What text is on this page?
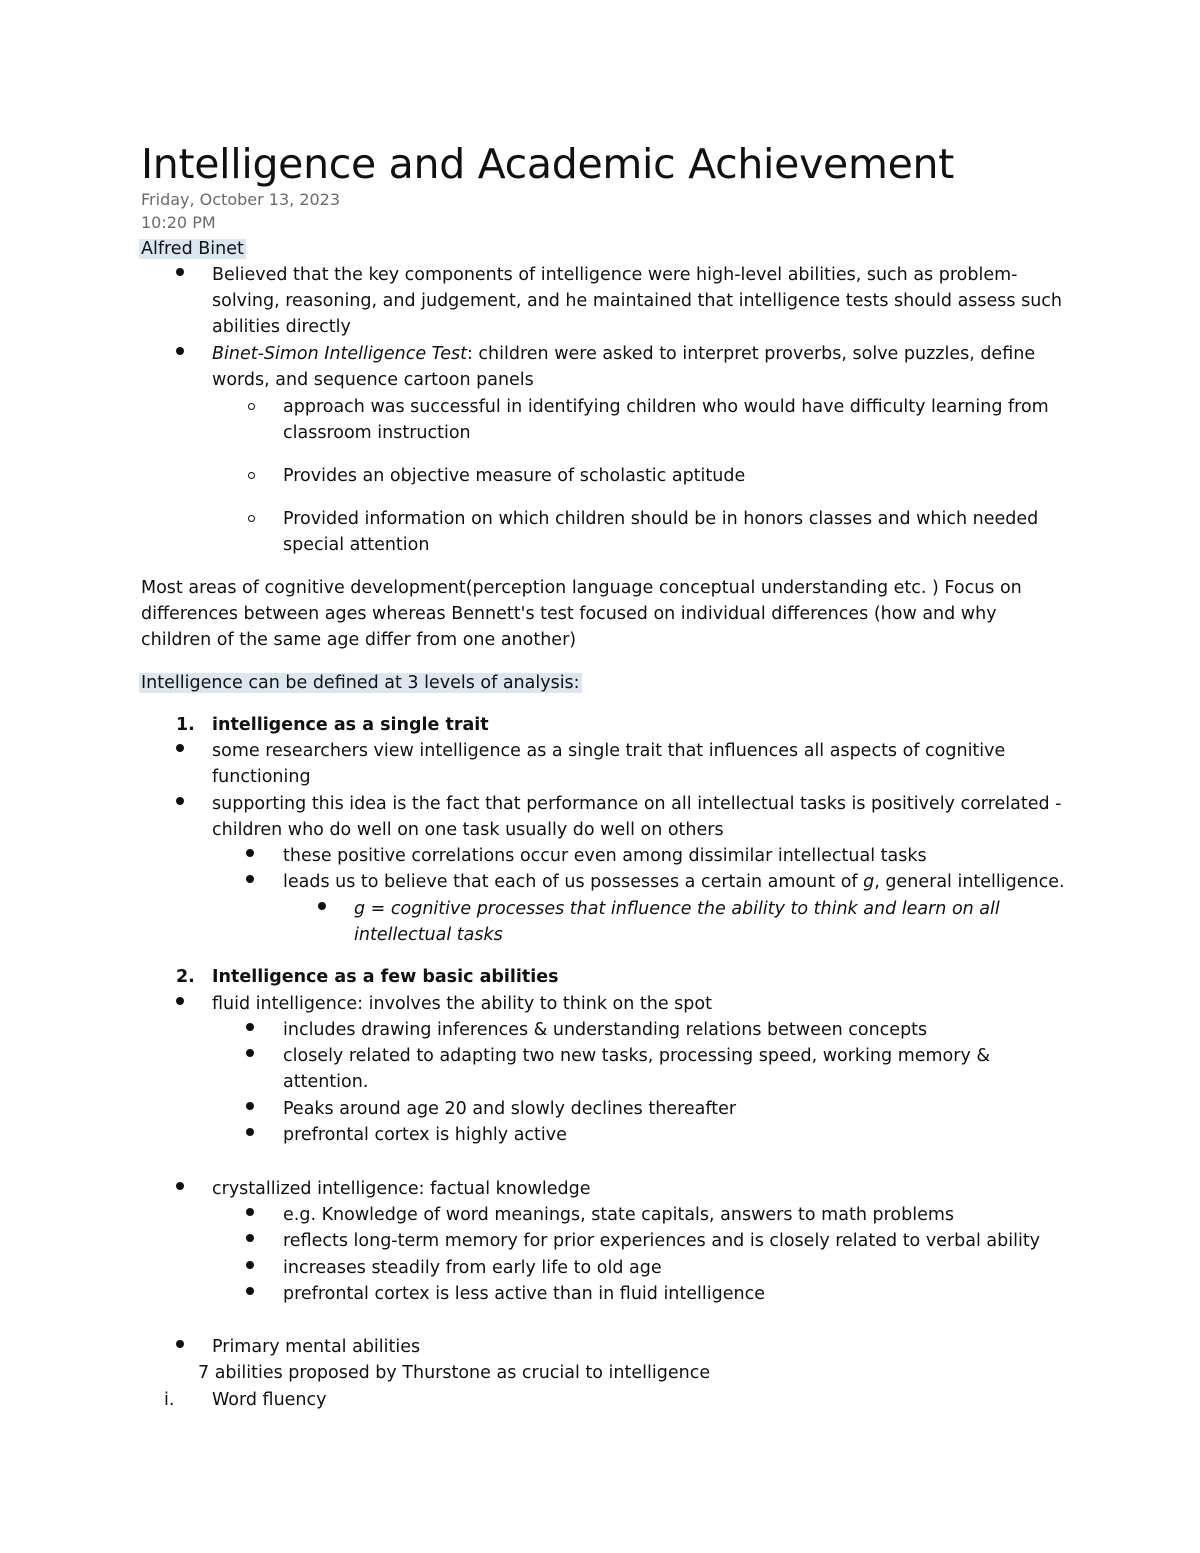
Intelligence and Academic Achievement
Friday, October 13, 2023
10:20 PM
Alfred Binet
Believed that the key components of intelligence were high-level abilities, such as problem-
solving, reasoning, and judgement, and he maintained that intelligence tests should assess such
abilities directly
Binet-Simon Intelligence Test: children were asked to interpret proverbs, solve puzzles, define
words, and sequence cartoon panels
approach was successful in identifying children who would have difficulty learning from
classroom instruction
Provides an objective measure of scholastic aptitude
Provided information on which children should be in honors classes and which needed
special attention
Most areas of cognitive development(perception language conceptual understanding etc. ) Focus on
differences between ages whereas Bennett's test focused on individual differences (how and why
children of the same age differ from one another)
Intelligence can be defined at 3 levels of analysis:
1. intelligence as a single trait
some researchers view intelligence as a single trait that influences all aspects of cognitive
functioning
supporting this idea is the fact that performance on all intellectual tasks is positively correlated -
children who do well on one task usually do well on others
these positive correlations occur even among dissimilar intellectual tasks
leads us to believe that each of us possesses a certain amount of g, general intelligence.
g = cognitive processes that influence the ability to think and learn on all
intellectual tasks
2. Intelligence as a few basic abilities
fluid intelligence: involves the ability to think on the spot
includes drawing inferences & understanding relations between concepts
closely related to adapting two new tasks, processing speed, working memory &
attention.
Peaks around age 20 and slowly declines thereafter
prefrontal cortex is highly active
crystallized intelligence: factual knowledge
e.g. Knowledge of word meanings, state capitals, answers to math problems
reflects long-term memory for prior experiences and is closely related to verbal ability
increases steadily from early life to old age
prefrontal cortex is less active than in fluid intelligence
Primary mental abilities
7 abilities proposed by Thurstone as crucial to intelligence
i. Word fluency
